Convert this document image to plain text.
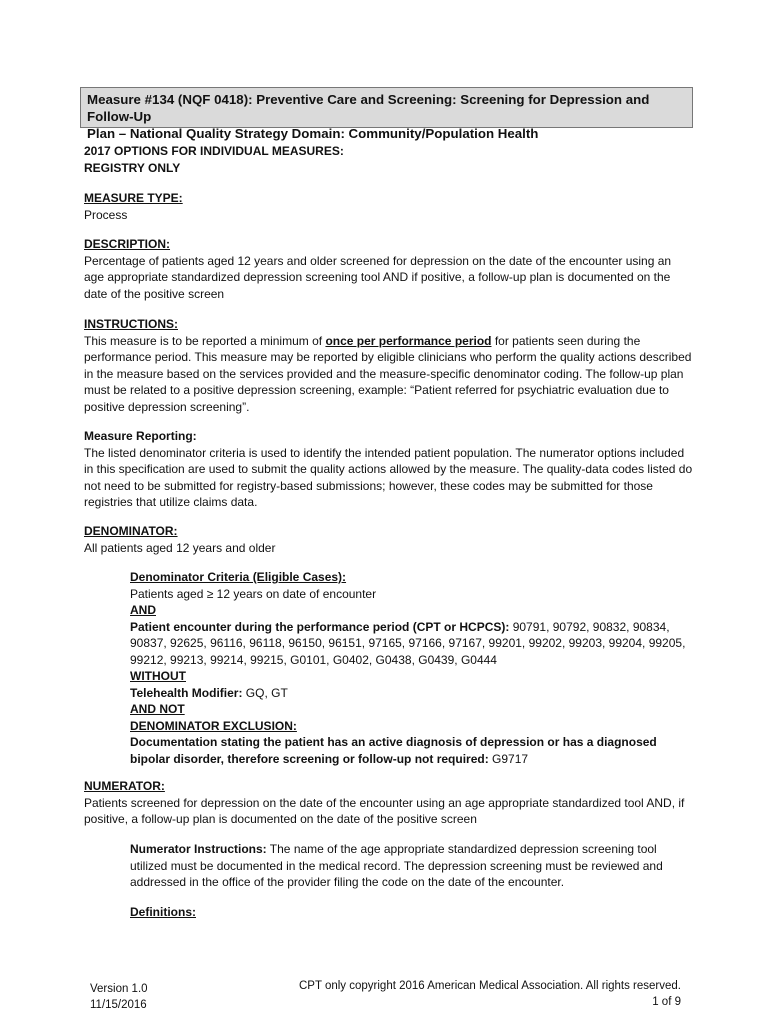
Measure #134 (NQF 0418): Preventive Care and Screening: Screening for Depression and Follow-Up
Plan – National Quality Strategy Domain: Community/Population Health

2017 OPTIONS FOR INDIVIDUAL MEASURES:

REGISTRY ONLY

MEASURE TYPE:

Process

DESCRIPTION:

Percentage of patients aged 12 years and older screened for depression on the date of the encounter using an age appropriate standardized depression screening tool AND if positive, a follow-up plan is documented on the date of the positive screen

INSTRUCTIONS:

This measure is to be reported a minimum of once per performance period for patients seen during the performance period. This measure may be reported by eligible clinicians who perform the quality actions described in the measure based on the services provided and the measure-specific denominator coding. The follow-up plan must be related to a positive depression screening, example: “Patient referred for psychiatric evaluation due to positive depression screening”.

Measure Reporting:

The listed denominator criteria is used to identify the intended patient population. The numerator options included in this specification are used to submit the quality actions allowed by the measure. The quality-data codes listed do not need to be submitted for registry-based submissions; however, these codes may be submitted for those registries that utilize claims data.

DENOMINATOR:

All patients aged 12 years and older

Denominator Criteria (Eligible Cases):

Patients aged ≥ 12 years on date of encounter

AND

Patient encounter during the performance period (CPT or HCPCS): 90791, 90792, 90832, 90834, 90837, 92625, 96116, 96118, 96150, 96151, 97165, 97166, 97167, 99201, 99202, 99203, 99204, 99205, 99212, 99213, 99214, 99215, G0101, G0402, G0438, G0439, G0444

WITHOUT

Telehealth Modifier: GQ, GT

AND NOT

DENOMINATOR EXCLUSION:

Documentation stating the patient has an active diagnosis of depression or has a diagnosed bipolar disorder, therefore screening or follow-up not required: G9717

NUMERATOR:

Patients screened for depression on the date of the encounter using an age appropriate standardized tool AND, if positive, a follow-up plan is documented on the date of the positive screen

Numerator Instructions: The name of the age appropriate standardized depression screening tool utilized must be documented in the medical record. The depression screening must be reviewed and addressed in the office of the provider filing the code on the date of the encounter.

Definitions:

Version 1.0
11/15/2016
CPT only copyright 2016 American Medical Association. All rights reserved.
1 of 9
